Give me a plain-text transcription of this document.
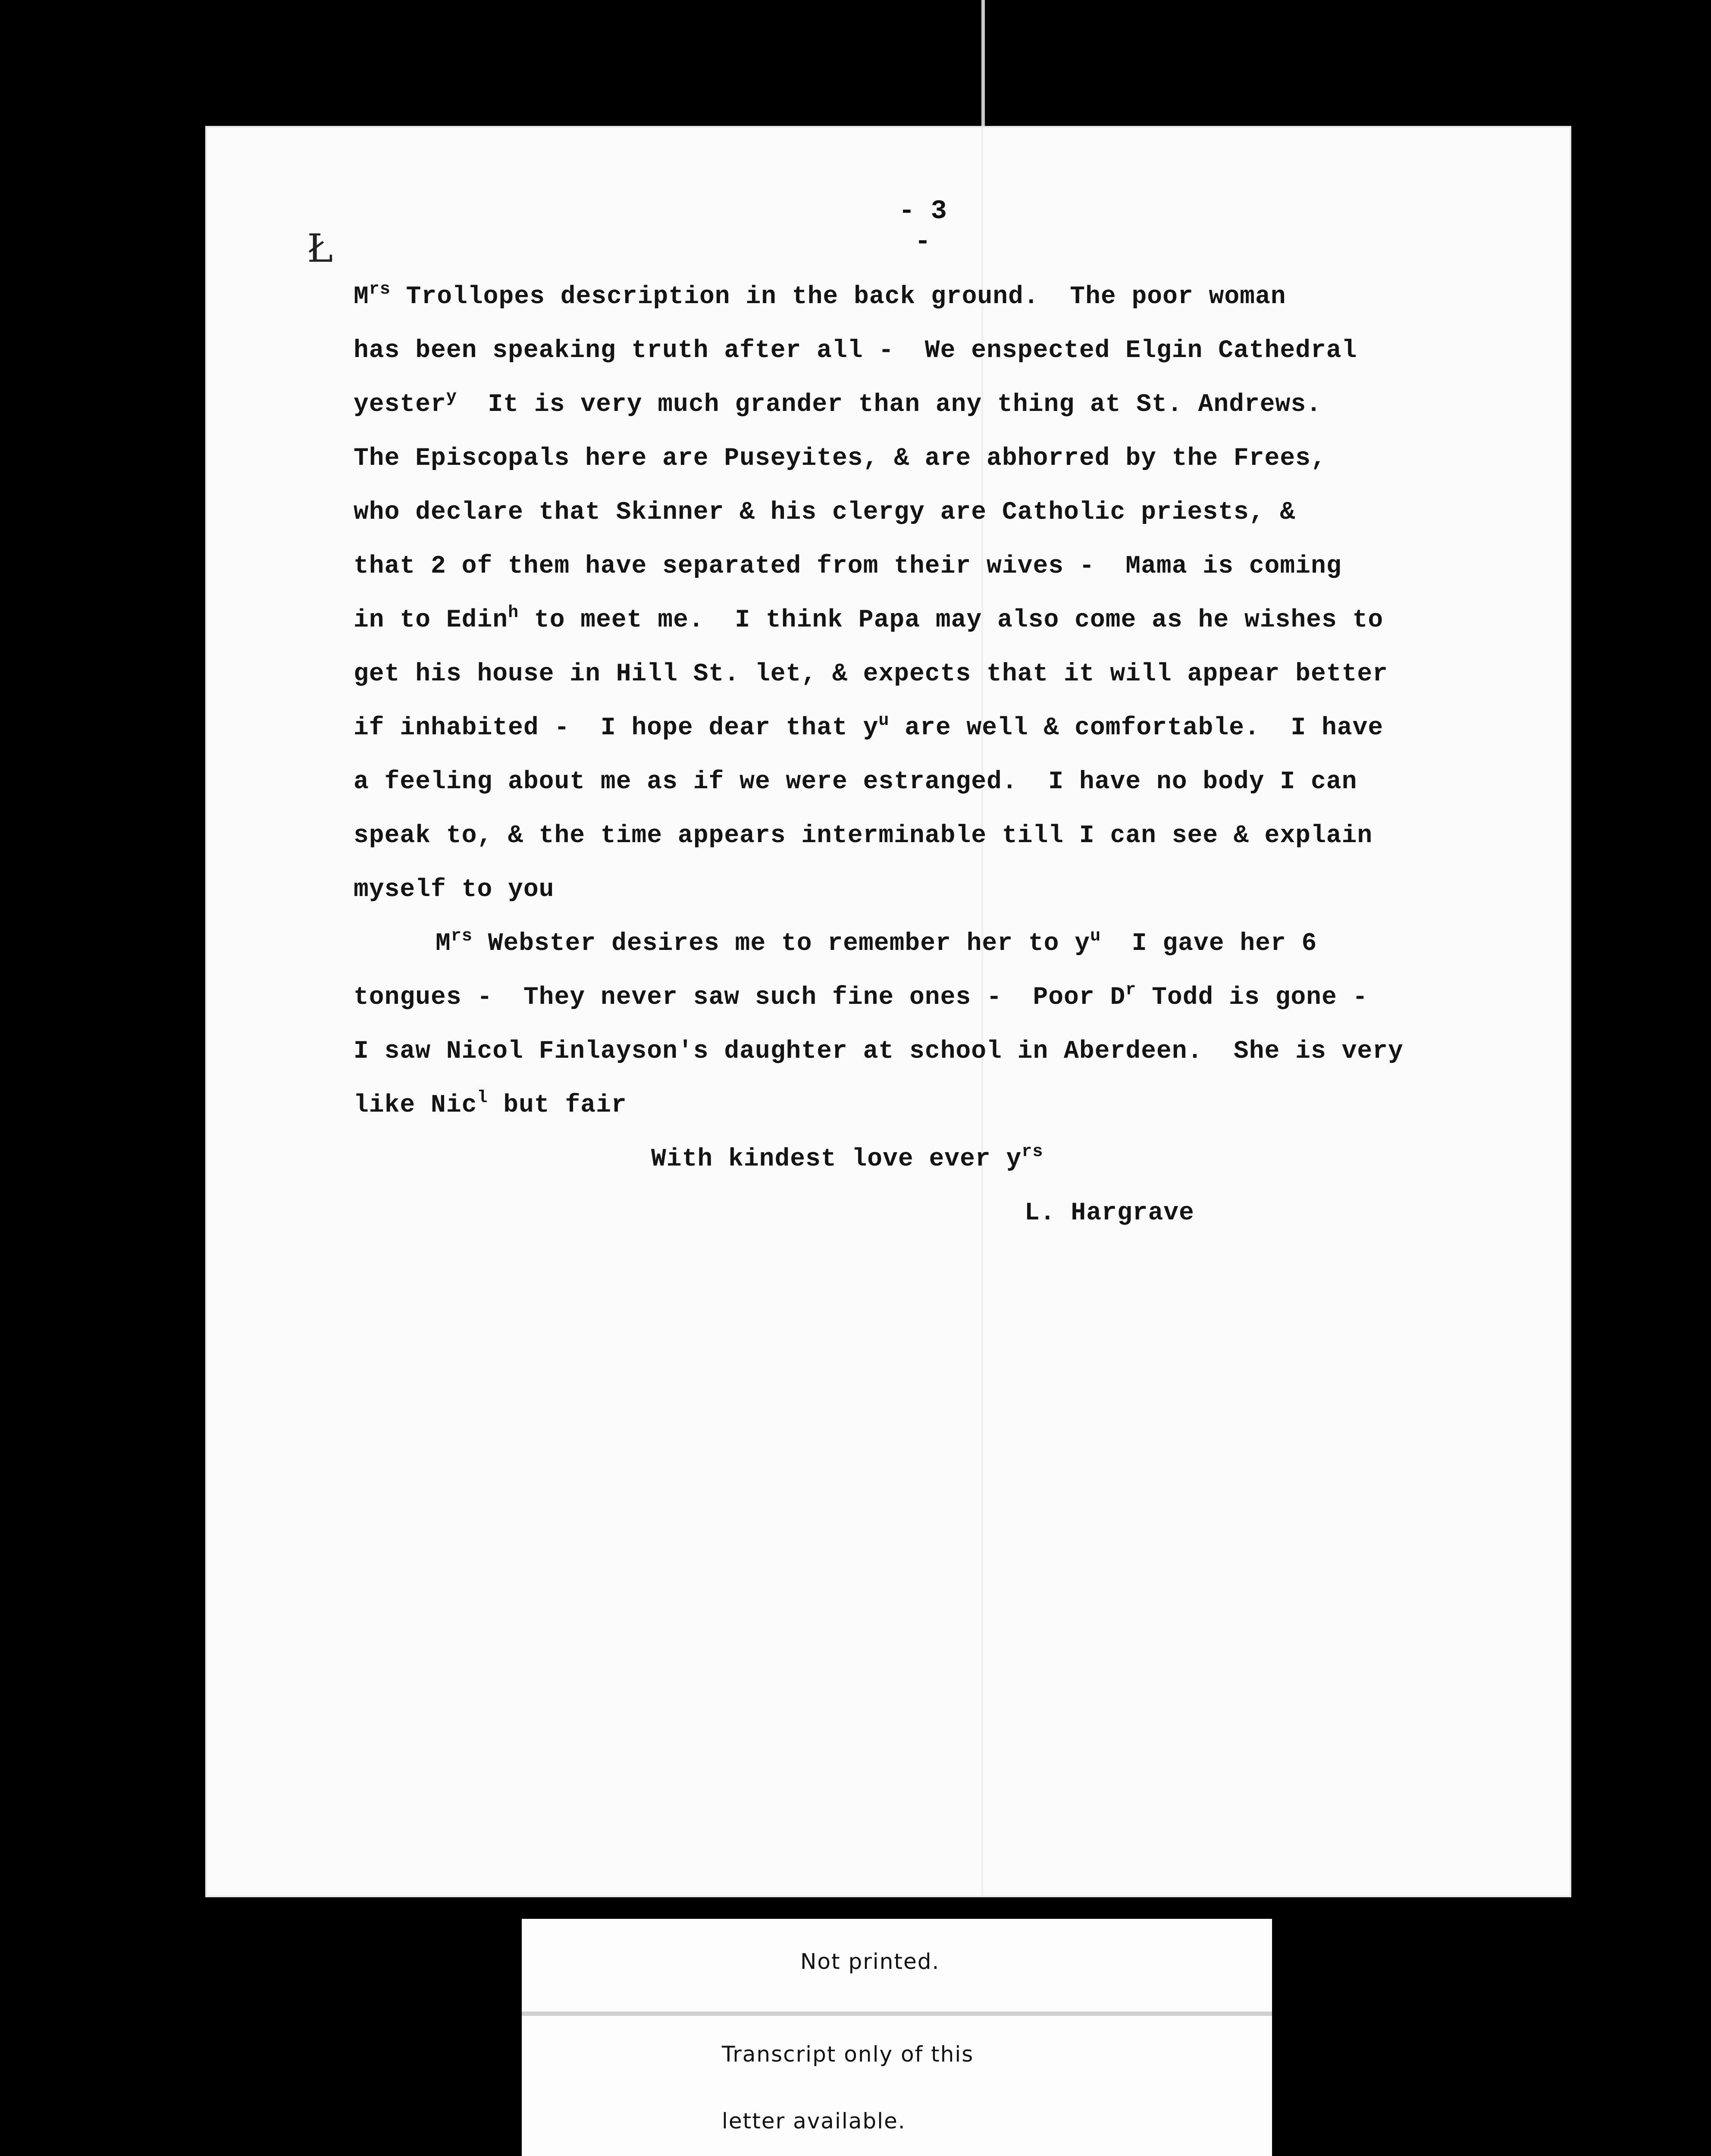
- 3 -
Ł
$M^{rs}$ Trollopes description in the back ground.  The poor woman
has been speaking truth after all -  We enspected Elgin Cathedral
yester$^y$  It is very much grander than any thing at St. Andrews.
The Episcopals here are Puseyites, & are abhorred by the Frees,
who declare that Skinner & his clergy are Catholic priests, &
that 2 of them have separated from their wives -  Mama is coming
in to Edin$^h$ to meet me.  I think Papa may also come as he wishes to
get his house in Hill St. let, & expects that it will appear better
if inhabited -  I hope dear that $y^u$ are well & comfortable.  I have
a feeling about me as if we were estranged.  I have no body I can
speak to, & the time appears interminable till I can see & explain
myself to you
$M^{rs}$ Webster desires me to remember her to $y^u$  I gave her 6
tongues -  They never saw such fine ones -  Poor $D^r$ Todd is gone -
I saw Nicol Finlayson's daughter at school in Aberdeen.  She is very
like Nic$^l$ but fair
With kindest love ever $y^{rs}$
L. Hargrave
Not printed.
Transcript only of this
letter available.
